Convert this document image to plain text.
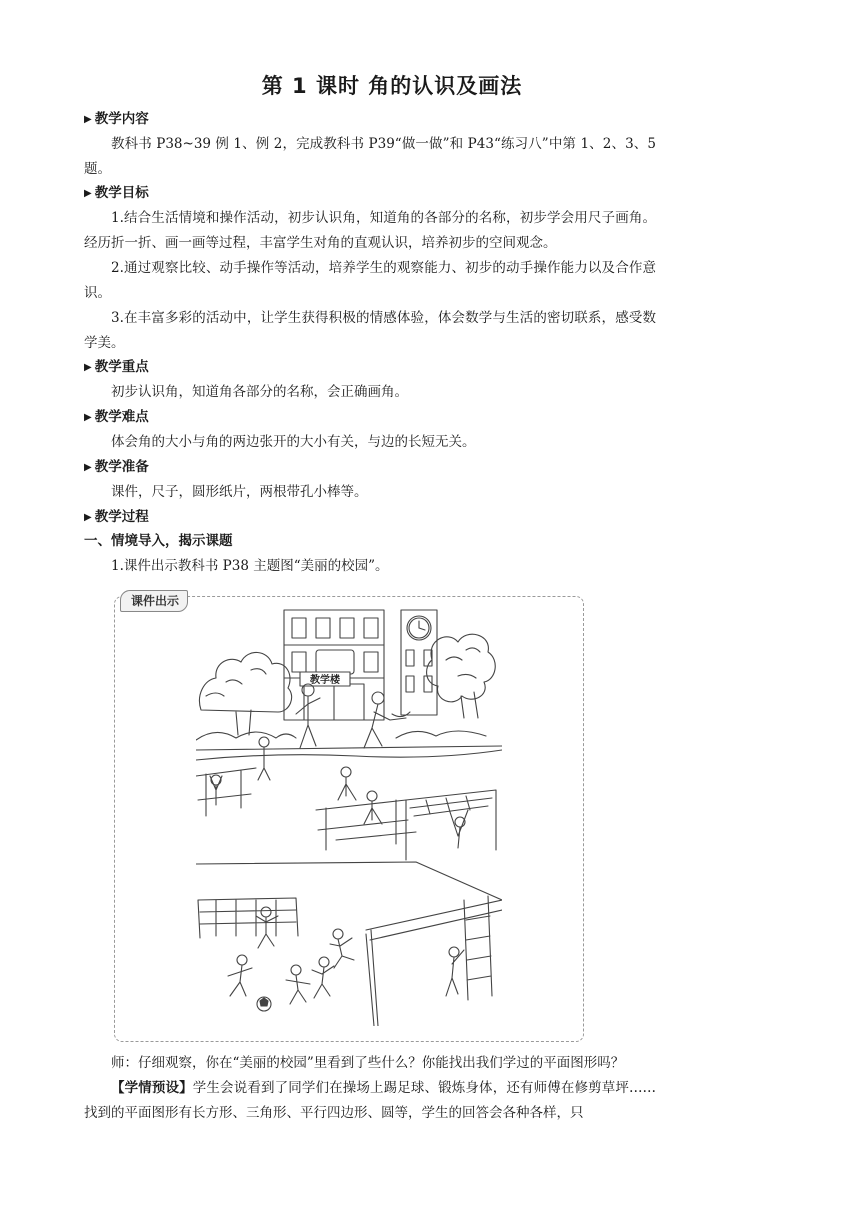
第 1 课时 角的认识及画法
▶ 教学内容
教科书 P38~39 例 1、例 2，完成教科书 P39“做一做”和 P43“练习八”中第 1、2、3、5 题。
▶ 教学目标
1.结合生活情境和操作活动，初步认识角，知道角的各部分的名称，初步学会用尺子画角。经历折一折、画一画等过程，丰富学生对角的直观认识，培养初步的空间观念。
2.通过观察比较、动手操作等活动，培养学生的观察能力、初步的动手操作能力以及合作意识。
3.在丰富多彩的活动中，让学生获得积极的情感体验，体会数学与生活的密切联系，感受数学美。
▶ 教学重点
初步认识角，知道角各部分的名称，会正确画角。
▶ 教学难点
体会角的大小与角的两边张开的大小有关，与边的长短无关。
▶ 教学准备
课件，尺子，圆形纸片，两根带孔小棒等。
▶ 教学过程
一、情境导入，揭示课题
1.课件出示教科书 P38 主题图“美丽的校园”。
课件出示
教学楼
师：仔细观察，你在“美丽的校园”里看到了些什么？你能找出我们学过的平面图形吗？
【学情预设】学生会说看到了同学们在操场上踢足球、锻炼身体，还有师傅在修剪草坪……找到的平面图形有长方形、三角形、平行四边形、圆等，学生的回答会各种各样，只
